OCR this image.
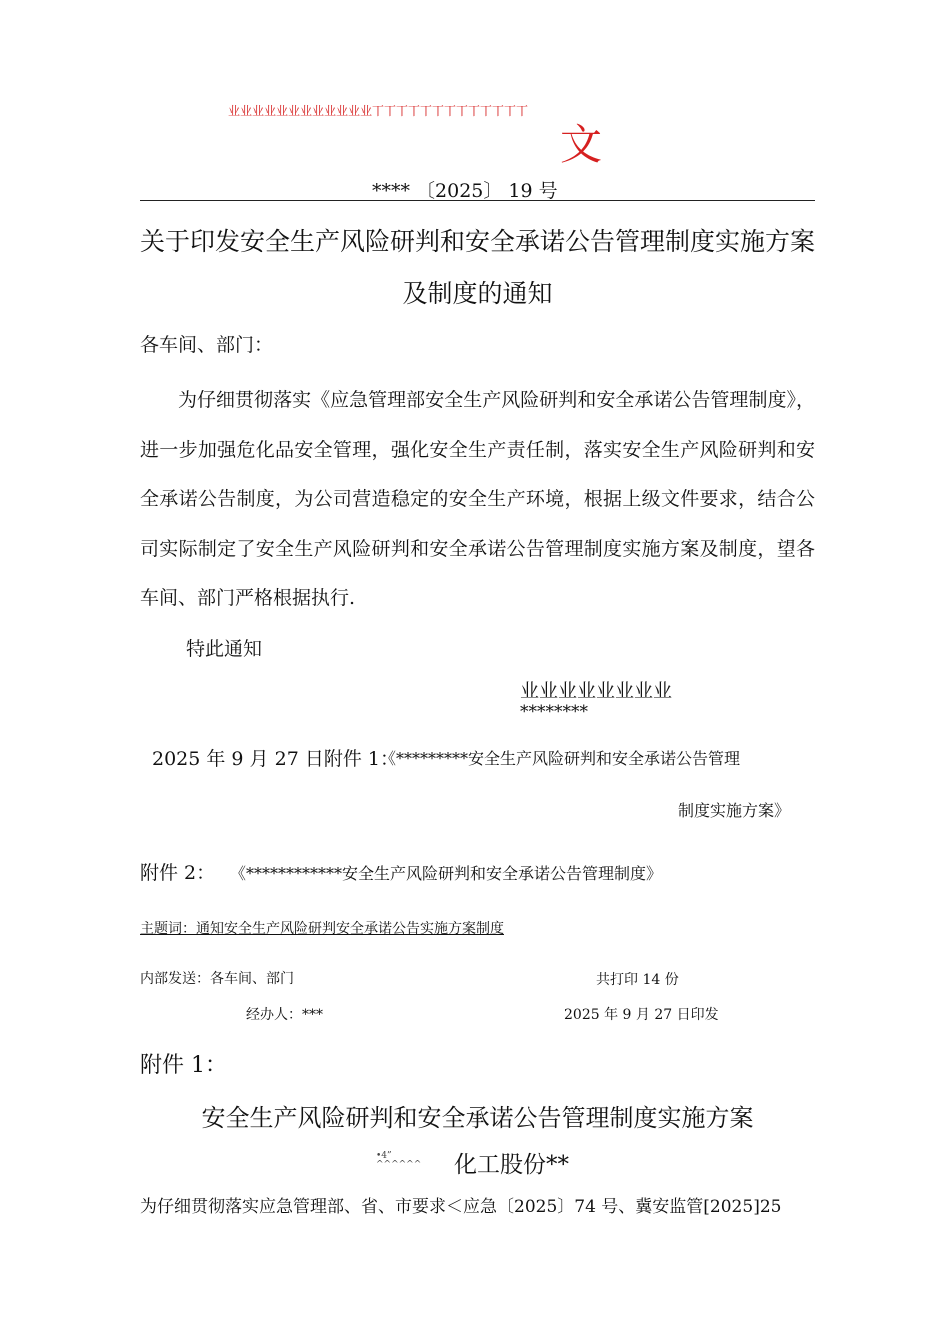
业业业业业业业业业业业业丅丅丅丅丅丅丅丅丅丅丅丅丅
文
**** 〔2025〕 19 号
关于印发安全生产风险研判和安全承诺公告管理制度实施方案
及制度的通知
各车间、部门：
为仔细贯彻落实《应急管理部安全生产风险研判和安全承诺公告管理制度》，进一步加强危化品安全管理，强化安全生产责任制，落实安全生产风险研判和安全承诺公告制度，为公司营造稳定的安全生产环境，根据上级文件要求，结合公司实际制定了安全生产风险研判和安全承诺公告管理制度实施方案及制度，望各车间、部门严格根据执行.
特此通知
业业业业业业业业
********
2025 年 9 月 27 日附件 1：
《*********安全生产风险研判和安全承诺公告管理
制度实施方案》
附件 2： 《************安全生产风险研判和安全承诺公告管理制度》
主题词：通知安全生产风险研判安全承诺公告实施方案制度
内部发送：各车间、部门	共打印 14 份
经办人：***	2025 年 9 月 27 日印发
附件 1：
安全生产风险研判和安全承诺公告管理制度实施方案
•4”
^^^^^^ 化工股份**
为仔细贯彻落实应急管理部、省、市要求＜应急〔2025〕74 号、冀安监管[2025]25
